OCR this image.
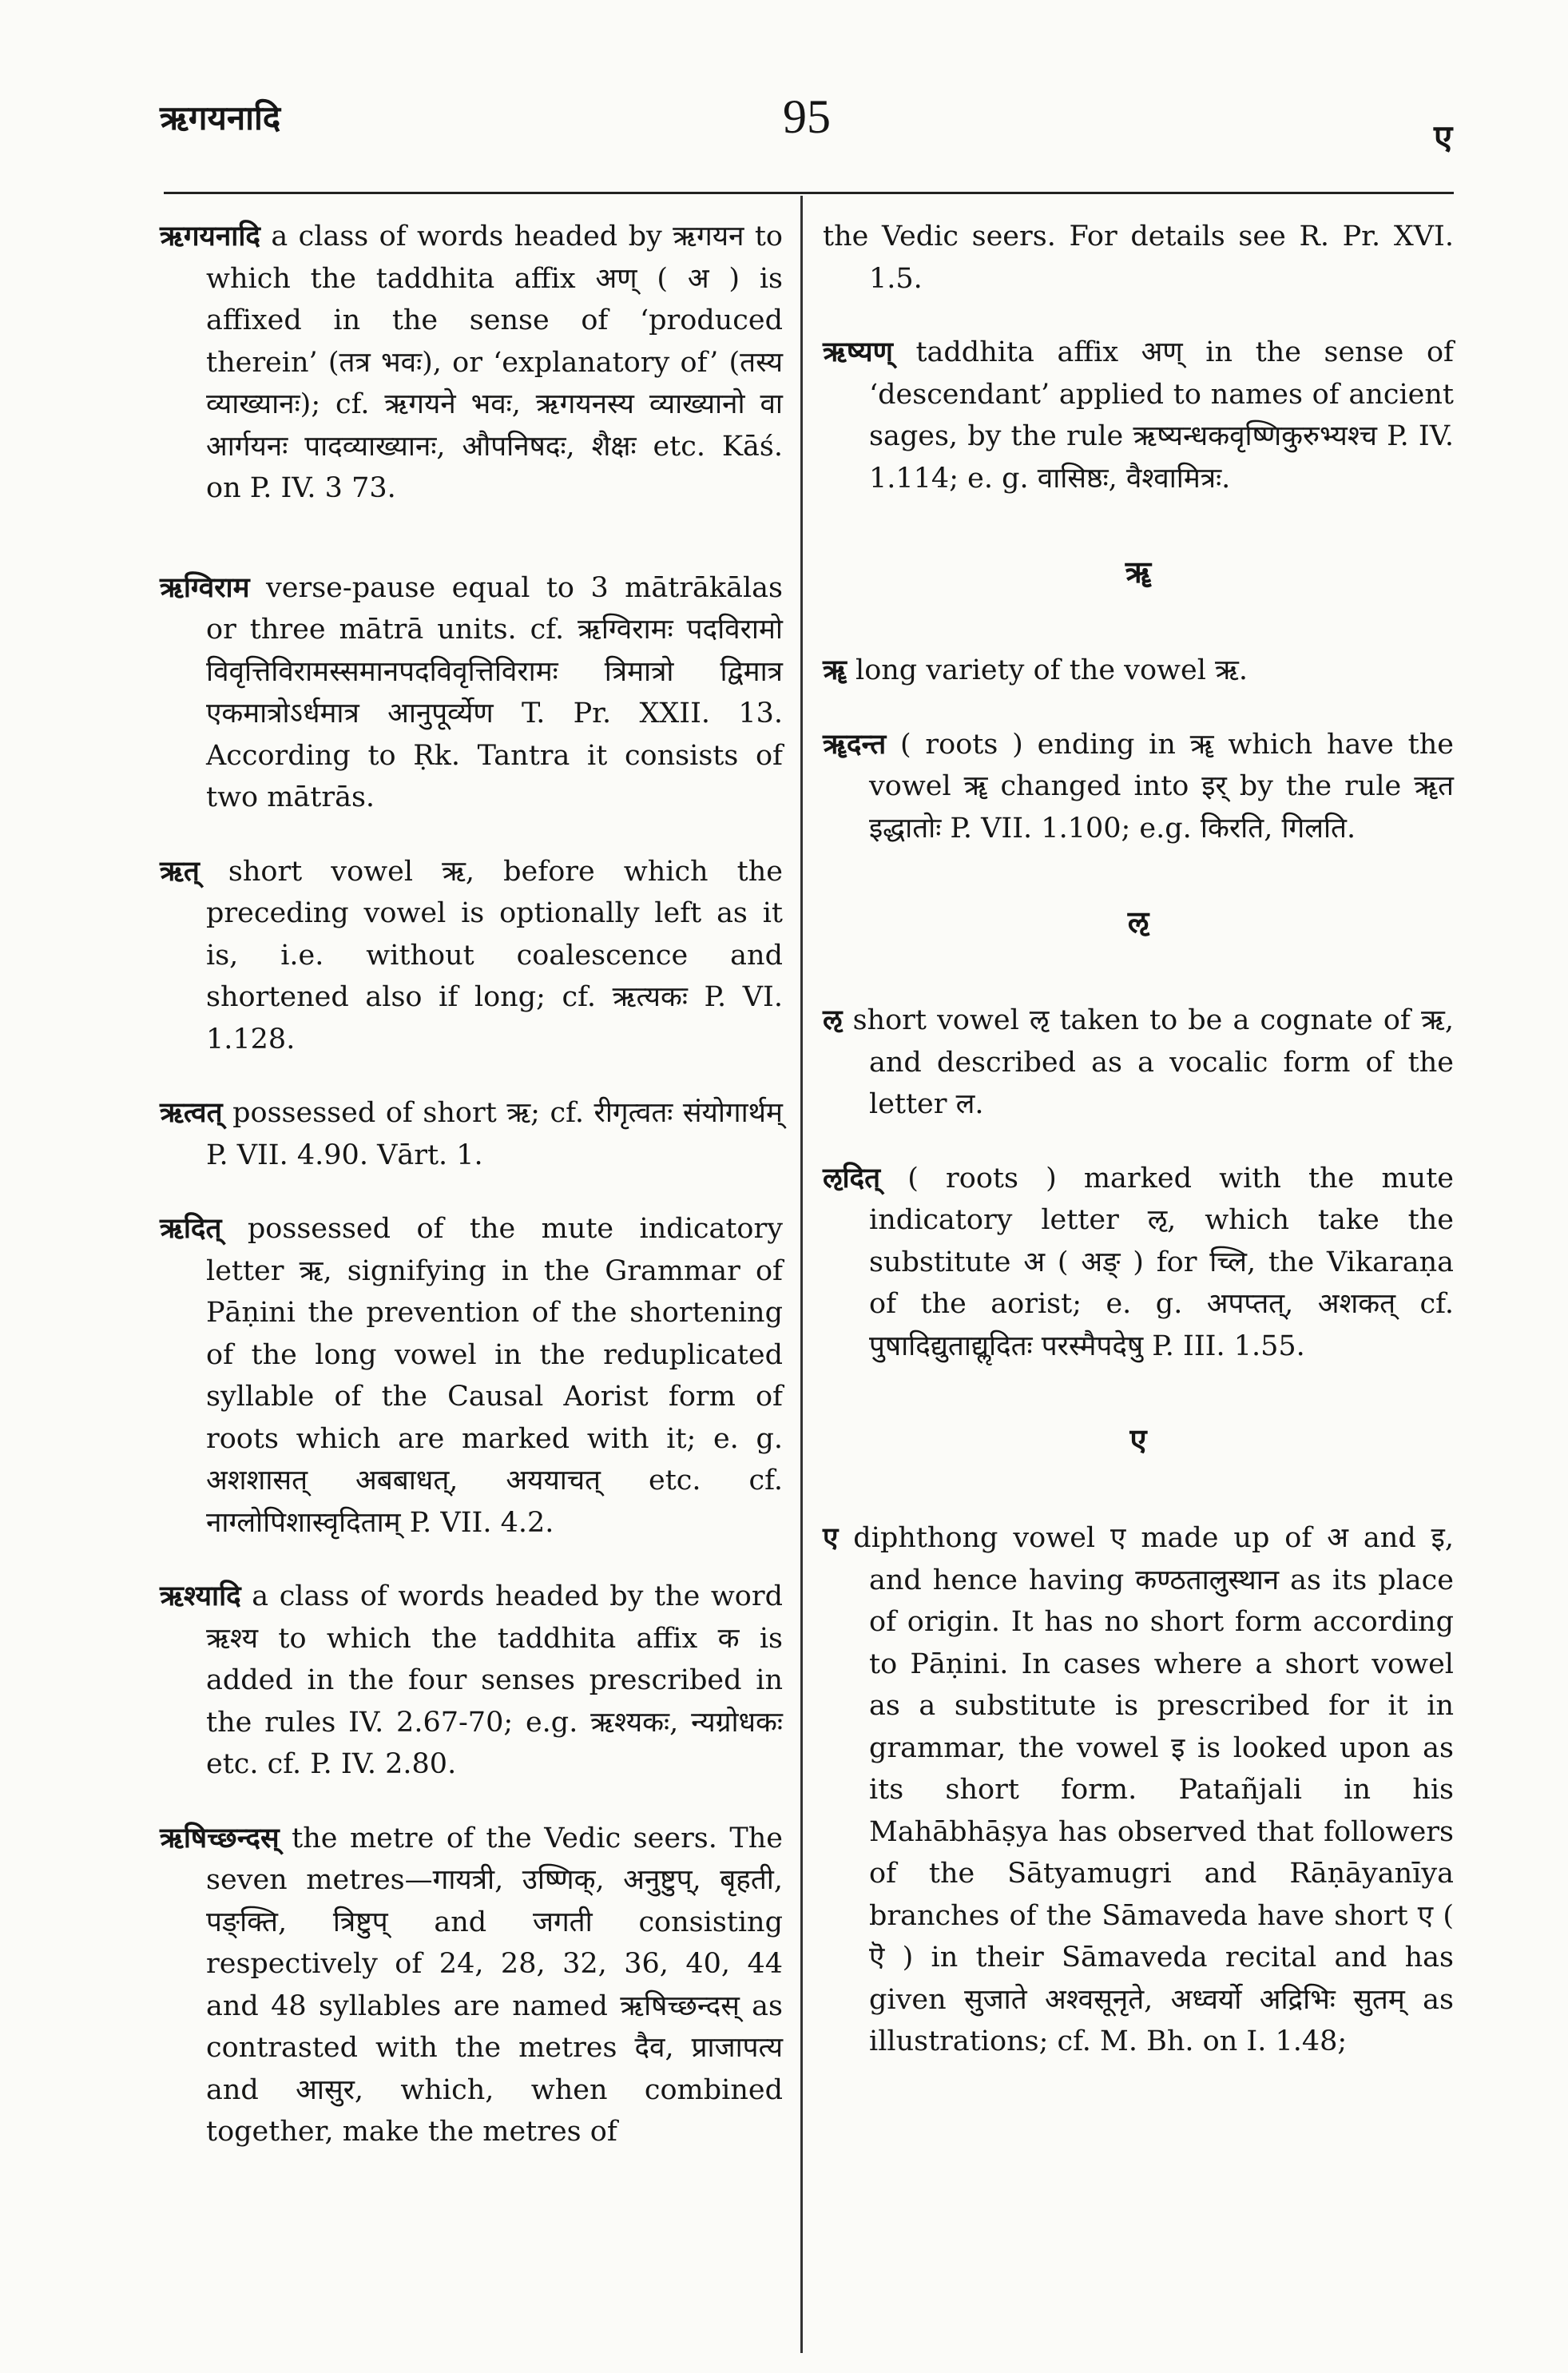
ऋगयनादि	95	ए
ऋगयनादि a class of words headed by ऋगयन to which the taddhita affix अण् ( अ ) is affixed in the sense of ‘produced therein’ (तत्र भवः), or ‘explanatory of’ (तस्य व्याख्यानः); cf. ऋगयने भवः, ऋगयनस्य व्याख्यानो वा आर्गयनः पादव्याख्यानः, औपनिषदः, शैक्षः etc. Kāś. on P. IV. 3 73.
ऋग्विराम verse-pause equal to 3 mātrākālas or three mātrā units. cf. ऋग्विरामः पदविरामो विवृत्तिविरामस्समानपदविवृत्तिविरामः त्रिमात्रो द्विमात्र एकमात्रोऽर्धमात्र आनुपूर्व्येण T. Pr. XXII. 13. According to Ṛk. Tantra it consists of two mātrās.
ऋत् short vowel ऋ, before which the preceding vowel is optionally left as it is, i.e. without coalescence and shortened also if long; cf. ऋत्यकः P. VI. 1.128.
ऋत्वत् possessed of short ऋ; cf. रीगृत्वतः संयोगार्थम् P. VII. 4.90. Vārt. 1.
ऋदित् possessed of the mute indicatory letter ऋ, signifying in the Grammar of Pāṇini the prevention of the shortening of the long vowel in the reduplicated syllable of the Causal Aorist form of roots which are marked with it; e. g. अशशासत् अबबाधत्, अययाचत् etc. cf. नाग्लोपिशास्वृदिताम् P. VII. 4.2.
ऋश्यादि a class of words headed by the word ऋश्य to which the taddhita affix क is added in the four senses prescribed in the rules IV. 2.67-70; e.g. ऋश्यकः, न्यग्रोधकः etc. cf. P. IV. 2.80.
ऋषिच्छन्दस् the metre of the Vedic seers. The seven metres—गायत्री, उष्णिक्, अनुष्टुप्, बृहती, पङ्क्ति, त्रिष्टुप् and जगती consisting respectively of 24, 28, 32, 36, 40, 44 and 48 syllables are named ऋषिच्छन्दस् as contrasted with the metres दैव, प्राजापत्य and आसुर, which, when combined together, make the metres of
the Vedic seers. For details see R. Pr. XVI. 1.5.
ऋष्यण् taddhita affix अण् in the sense of ‘descendant’ applied to names of ancient sages, by the rule ऋष्यन्धकवृष्णिकुरुभ्यश्च P. IV. 1.114; e. g. वासिष्ठः, वैश्वामित्रः.
ॠ
ॠ long variety of the vowel ऋ.
ॠदन्त ( roots ) ending in ॠ which have the vowel ॠ changed into इर् by the rule ॠत इद्धातोः P. VII. 1.100; e.g. किरति, गिलति.
ऌ
ऌ short vowel ऌ taken to be a cognate of ऋ, and described as a vocalic form of the letter ल.
ऌदित् ( roots ) marked with the mute indicatory letter ऌ, which take the substitute अ ( अङ् ) for च्लि, the Vikaraṇa of the aorist; e. g. अपप्तत्, अशकत् cf. पुषादिद्युताद्यॢदितः परस्मैपदेषु P. III. 1.55.
ए
ए diphthong vowel ए made up of अ and इ, and hence having कण्ठतालुस्थान as its place of origin. It has no short form according to Pāṇini. In cases where a short vowel as a substitute is prescribed for it in grammar, the vowel इ is looked upon as its short form. Patañjali in his Mahābhāṣya has observed that followers of the Sātyamugri and Rāṇāyanīya branches of the Sāmaveda have short ए ( ऎ ) in their Sāmaveda recital and has given सुजाते अश्वसूनृते, अध्वर्यो अद्रिभिः सुतम् as illustrations; cf. M. Bh. on I. 1.48;
